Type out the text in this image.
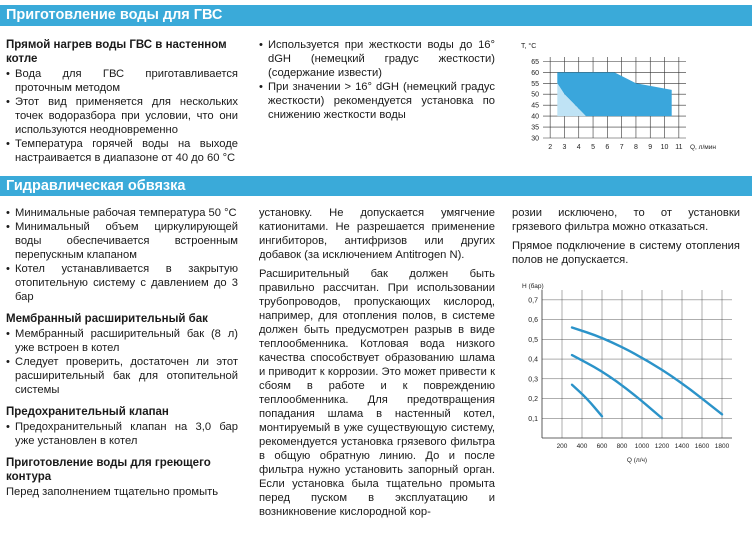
Приготовление воды для ГВС
Прямой нагрев воды ГВС в настенном котле
• Вода для ГВС приготавливается проточным методом
• Этот вид применяется для нескольких точек водоразбора при условии, что они используются неодновременно
• Температура горячей воды на выходе настраивается в диапазоне от 40 до 60 °С
• Используется при жесткости воды до 16° dGH (немецкий градус жесткости) (содержание извести)
• При значении > 16° dGH (немецкий градус жесткости) рекомендуется установка по снижению жесткости воды
30
35
40
45
50
55
60
65
2 3 4 5 6 7 8 9 10 11
T, °C
Q, л/мин
Гидравлическая обвязка
• Минимальные рабочая температура 50 °С
• Минимальный объем циркулирующей воды обеспечивается встроенным перепускным клапаном
• Котел устанавливается в закрытую отопительную систему с давлением до 3 бар
Мембранный расширительный бак
• Мембранный расширительный бак (8 л) уже встроен в котел
• Следует проверить, достаточен ли этот расширительный бак для отопительной системы
Предохранительный клапан
• Предохранительный клапан на 3,0 бар уже установлен в котел
Приготовление воды для греющего контура

Перед заполнением тщательно промыть

установку. Не допускается умягчение катионитами. Не разрешается применение ингибиторов, антифризов или других добавок (за исключением Antitrogen N).

Расширительный бак должен быть правильно рассчитан. При использовании трубопроводов, пропускающих кислород, например, для отопления полов, в системе должен быть предусмотрен разрыв в виде теплообменника. Котловая вода низкого качества способствует образованию шлама и приводит к коррозии. Это может привести к сбоям в работе и к повреждению теплообменника. Для предотвращения попадания шлама в настенный котел, монтируемый в уже существующую систему, рекомендуется установка грязевого фильтра в общую обратную линию. До и после фильтра нужно установить запорный орган. Если установка была тщательно промыта перед пуском в эксплуатацию и возникновение кислородной кор-

розии исключено, то от установки грязевого фильтра можно отказаться.

Прямое подключение в систему отопления полов не допускается.

0,1
0,2
0,3
0,4
0,5
0,6
0,7
200 400 600 800 1000 1200 1400 1600 1800
H (бар)
Q (л/ч)
